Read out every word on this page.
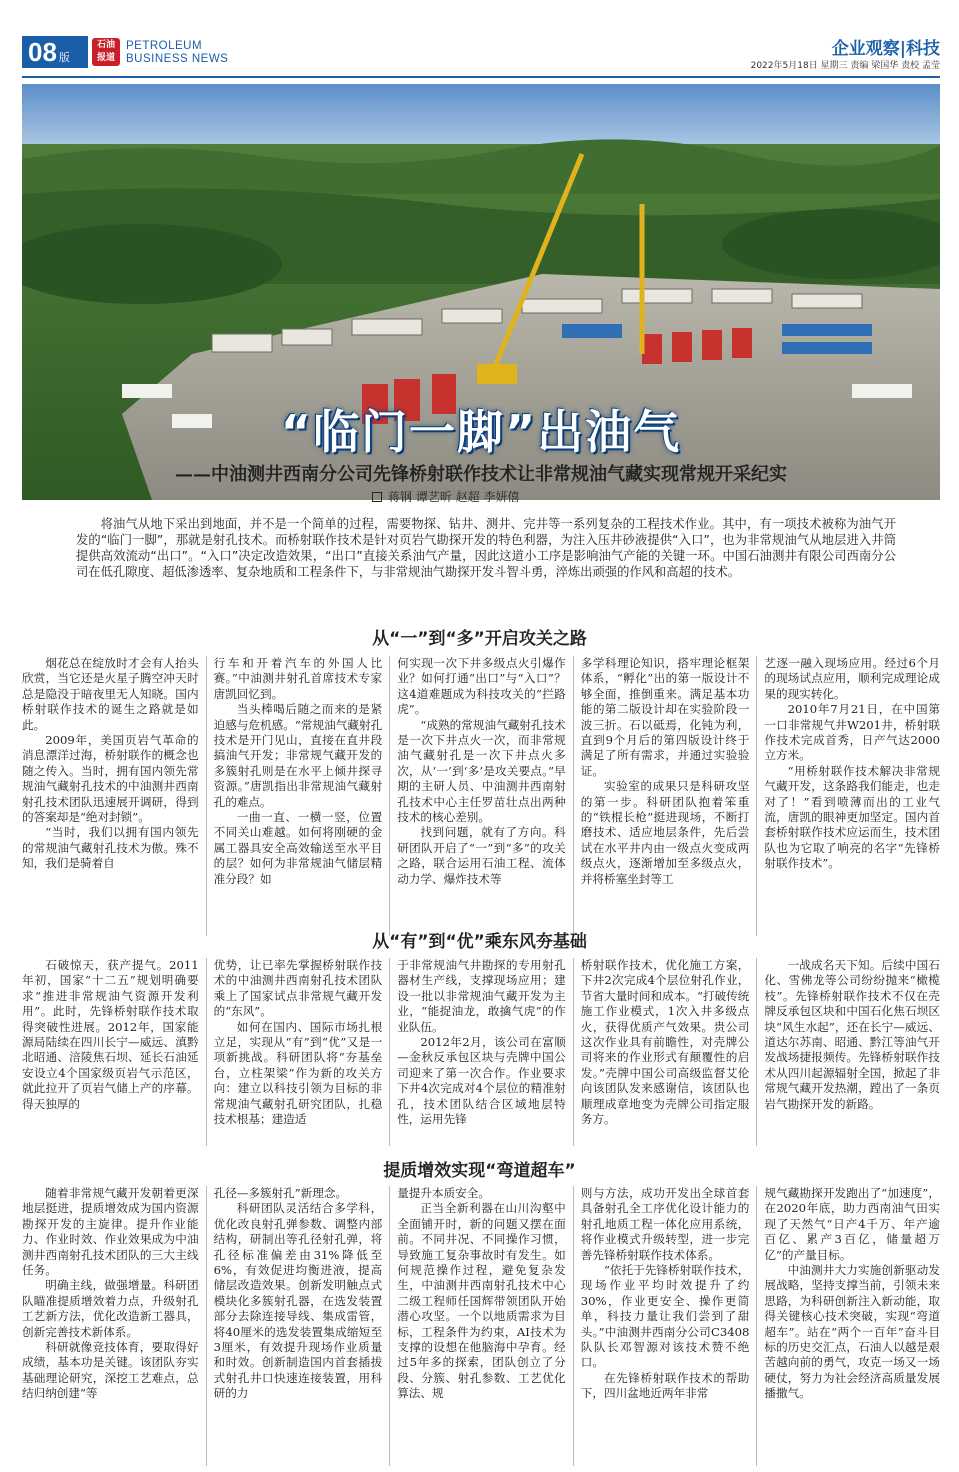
08 版
石油 报道
PETROLEUM
BUSINESS NEWS	企业观察|科技
2022年5月18日 星期三 责编 梁国华 责校 孟莹
“临门一脚”出油气
——中油测井西南分公司先锋桥射联作技术让非常规油气藏实现常规开采纪实
蒋钢 谭艺昕 赵超 李妍僖
将油气从地下采出到地面，并不是一个简单的过程，需要物探、钻井、测井、完井等一系列复杂的工程技术作业。其中，有一项技术被称为油气开发的“临门一脚”，那就是射孔技术。而桥射联作技术是针对页岩气勘探开发的特色利器，为注入压井砂液提供“入口”，也为非常规油气从地层进入井筒提供高效流动“出口”。“入口”决定改造效果，“出口”直接关系油气产量，因此这道小工序是影响油气产能的关键一环。中国石油测井有限公司西南分公司在低孔隙度、超低渗透率、复杂地质和工程条件下，与非常规油气勘探开发斗智斗勇，淬炼出顽强的作风和高超的技术。
从“一”到“多”开启攻关之路

烟花总在绽放时才会有人抬头欣赏，当它还是火星子腾空冲天时总是隐没于暗夜里无人知晓。国内桥射联作技术的诞生之路就是如此。

2009年，美国页岩气革命的消息漂洋过海，桥射联作的概念也随之传入。当时，拥有国内领先常规油气藏射孔技术的中油测井西南射孔技术团队迅速展开调研，得到的答案却是“绝对封锁”。

“当时，我们以拥有国内领先的常规油气藏射孔技术为傲。殊不知，我们是骑着自

行车和开着汽车的外国人比赛。”中油测井射孔首席技术专家唐凯回忆到。

当头棒喝后随之而来的是紧迫感与危机感。“常规油气藏射孔技术是开门见山，直接在直井段搞油气开发；非常规气藏开发的多簇射孔则是在水平上倾井探寻资源。”唐凯指出非常规油气藏射孔的难点。

一曲一直、一横一竖，位置不同关山难越。如何将刚硬的金属工器具安全高效输送至水平目的层？如何为非常规油气储层精准分段？如

何实现一次下井多级点火引爆作业？如何打通“出口”与“入口”？这4道难题成为科技攻关的“拦路虎”。

“成熟的常规油气藏射孔技术是一次下井点火一次，而非常规油气藏射孔是一次下井点火多次，从‘一’到‘多’是攻关要点。”早期的主研人员、中油测井西南射孔技术中心主任罗苗壮点出两种技术的核心差别。

找到问题，就有了方向。科研团队开启了“一”到“多”的攻关之路，联合运用石油工程、流体动力学、爆炸技术等

多学科理论知识，搭牢理论框架体系，“孵化”出的第一版设计不够全面，推倒重来。满足基本功能的第二版设计却在实验阶段一波三折。石以砥焉，化钝为利，直到9个月后的第四版设计终于满足了所有需求，并通过实验验证。

实验室的成果只是科研攻坚的第一步。科研团队抱着笨重的“铁棍长枪”挺进现场，不断打磨技术、适应地层条件，先后尝试在水平井内由一级点火变成两级点火，逐渐增加至多级点火，并将桥塞坐封等工

艺逐一融入现场应用。经过6个月的现场试点应用，顺利完成理论成果的现实转化。

2010年7月21日，在中国第一口非常规气井W201井，桥射联作技术完成首秀，日产气达2000立方米。

“用桥射联作技术解决非常规气藏开发，这条路我们能走，也走对了！”看到喷薄而出的工业气流，唐凯的眼神更加坚定。国内首套桥射联作技术应运而生，技术团队也为它取了响亮的名字“先锋桥射联作技术”。

从“有”到“优”乘东风夯基础

石破惊天，获产提气。2011年初，国家“十二五”规划明确要求“推进非常规油气资源开发利用”。此时，先锋桥射联作技术取得突破性进展。2012年，国家能源局陆续在四川长宁—威远、滇黔北昭通、涪陵焦石坝、延长石油延安设立4个国家级页岩气示范区，就此拉开了页岩气储上产的序幕。得天独厚的

优势，让已率先掌握桥射联作技术的中油测井西南射孔技术团队乘上了国家试点非常规气藏开发的“东风”。

如何在国内、国际市场扎根立足，实现从“有”到“优”又是一项新挑战。科研团队将“夯基垒台，立柱架梁”作为新的攻关方向：建立以科技引领为目标的非常规油气藏射孔研究团队，扎稳技术根基；建造适

于非常规油气井勘探的专用射孔器材生产线，支撑现场应用；建设一批以非常规油气藏开发为主业，“能捉油龙，敢擒气虎”的作业队伍。

2012年2月，该公司在富顺—金秋反承包区块与壳牌中国公司迎来了第一次合作。作业要求下井4次完成对4个层位的精准射孔，技术团队结合区域地层特性，运用先锋

桥射联作技术，优化施工方案，下井2次完成4个层位射孔作业，节省大量时间和成本。“打破传统施工作业模式，1次入井多级点火，获得优质产气效果。贵公司这次作业具有前瞻性，对壳牌公司将来的作业形式有颠覆性的启发。”壳牌中国公司高级监督艾伦向该团队发来感谢信，该团队也顺理成章地变为壳牌公司指定服务方。

一战成名天下知。后续中国石化、雪佛龙等公司纷纷抛来“橄榄枝”。先锋桥射联作技术不仅在壳牌反承包区块和中国石化焦石坝区块“风生水起”，还在长宁—威远、道达尔苏南、昭通、黔江等油气开发战场捷报频传。先锋桥射联作技术从四川起源辐射全国，掀起了非常规气藏开发热潮，蹚出了一条页岩气勘探开发的新路。

提质增效实现“弯道超车”

随着非常规气藏开发朝着更深地层挺进，提质增效成为国内资源勘探开发的主旋律。提升作业能力、作业时效、作业效果成为中油测井西南射孔技术团队的三大主线任务。

明确主线，做强增量。科研团队瞄准提质增效着力点，升级射孔工艺新方法，优化改造新工器具，创新完善技术新体系。

科研就像竞技体育，要取得好成绩，基本功是关键。该团队夯实基础理论研究，深挖工艺难点，总结归纳创建“等

孔径—多簇射孔”新理念。

科研团队灵活结合多学科，优化改良射孔弹参数、调整内部结构，研制出等孔径射孔弹，将孔径标准偏差由31%降低至6%，有效促进均衡进液，提高储层改造效果。创新发明触点式模块化多簇射孔器，在选发装置部分去除连接导线、集成雷管，将40厘米的选发装置集成缩短至3厘米，有效提升现场作业质量和时效。创新制造国内首套插拔式射孔井口快速连接装置，用科研的力

量提升本质安全。

正当全新利器在山川沟壑中全面铺开时，新的问题又摆在面前。不同井况、不同操作习惯，导致施工复杂事故时有发生。如何规范操作过程，避免复杂发生，中油测井西南射孔技术中心二级工程师任国辉带领团队开始潜心攻坚。一个以地质需求为目标，工程条件为约束，AI技术为支撑的设想在他脑海中孕育。经过5年多的探索，团队创立了分段、分簇、射孔参数、工艺优化算法、规

则与方法，成功开发出全球首套具备射孔全工序优化设计能力的射孔地质工程一体化应用系统，将作业模式升级转型，进一步完善先锋桥射联作技术体系。

“依托于先锋桥射联作技术，现场作业平均时效提升了约30%，作业更安全、操作更简单，科技力量让我们尝到了甜头。”中油测井西南分公司C3408队队长邓智源对该技术赞不绝口。

在先锋桥射联作技术的帮助下，四川盆地近两年非常

规气藏勘探开发跑出了“加速度”，在2020年底，助力西南油气田实现了天然气“日产4千万、年产逾百亿、累产3百亿，储量超万亿”的产量目标。

中油测井大力实施创新驱动发展战略，坚持支撑当前，引领未来思路，为科研创新注入新动能，取得关键核心技术突破，实现“弯道超车”。站在“两个一百年”奋斗目标的历史交汇点，石油人以越是艰苦越向前的勇气，攻克一场又一场硬仗，努力为社会经济高质量发展播撒气。
